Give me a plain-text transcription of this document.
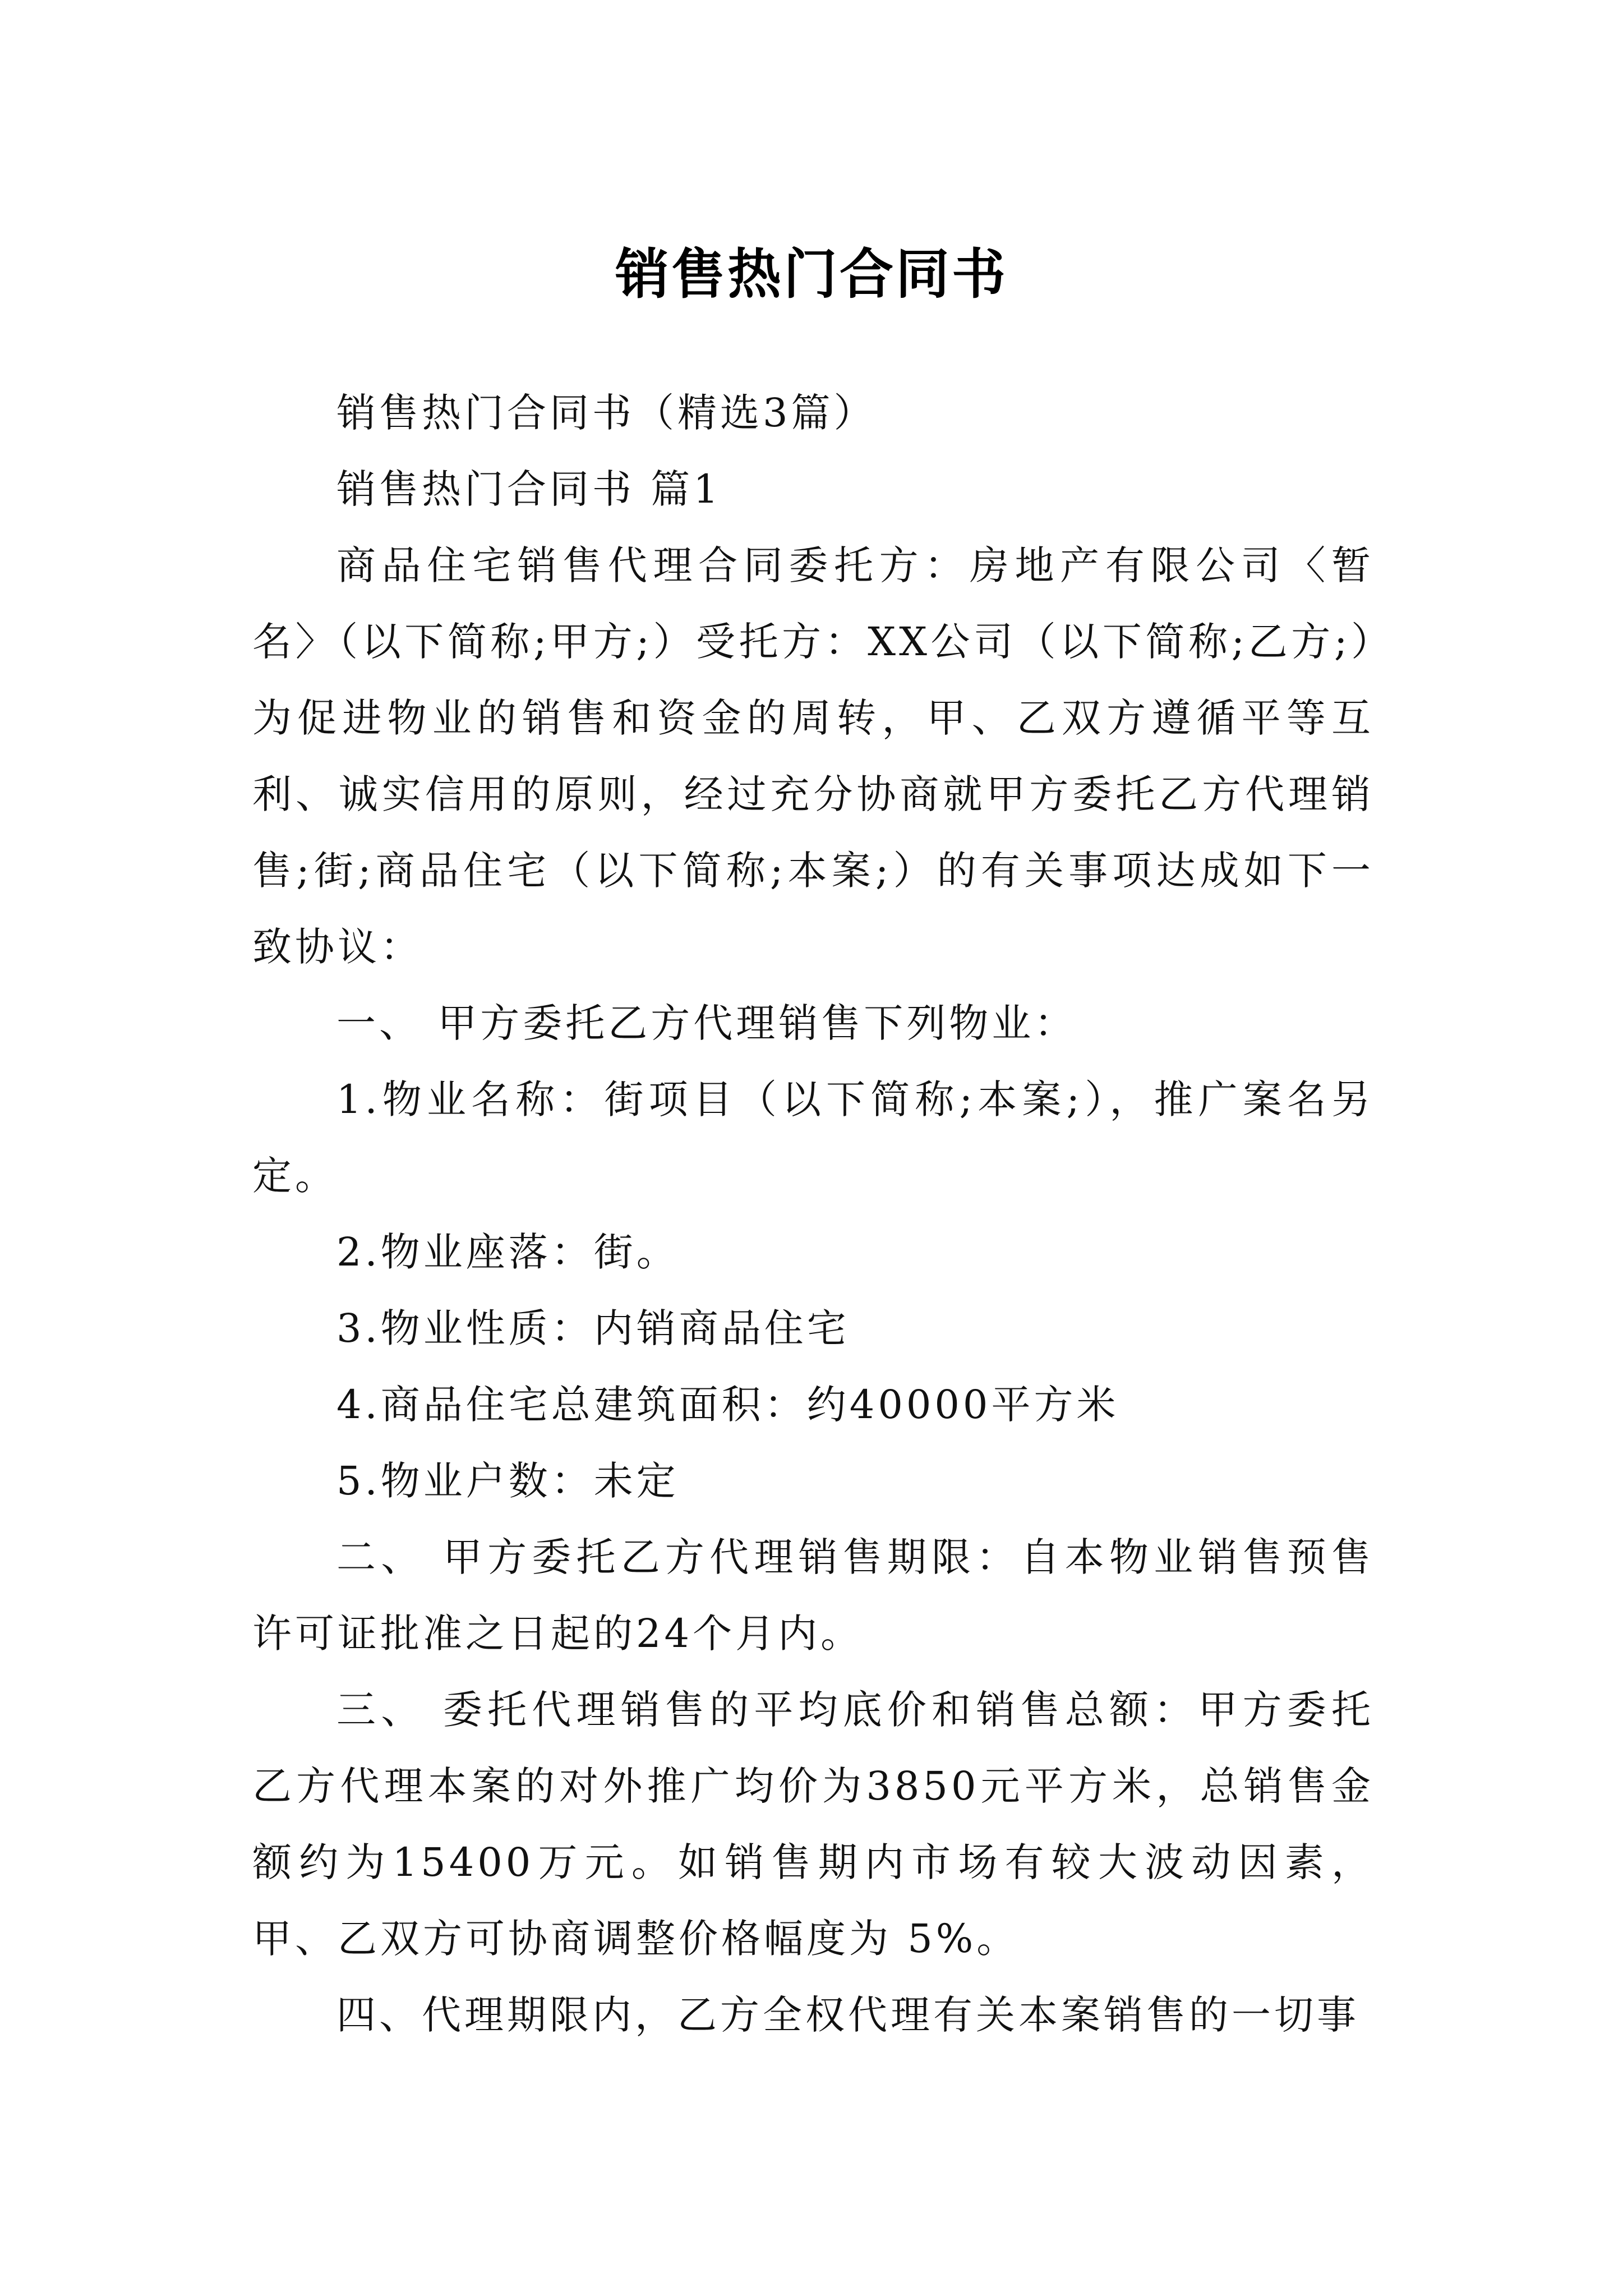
销售热门合同书

销售热门合同书（精选3篇）

销售热门合同书 篇1

商品住宅销售代理合同委托方：房地产有限公司〈暂名〉（以下简称;甲方;）受托方：XX公司（以下简称;乙方;）为促进物业的销售和资金的周转，甲、乙双方遵循平等互利、诚实信用的原则，经过充分协商就甲方委托乙方代理销售;街;商品住宅（以下简称;本案;）的有关事项达成如下一致协议：

一、 甲方委托乙方代理销售下列物业：

1.物业名称：街项目（以下简称;本案;），推广案名另定。

2.物业座落：街。

3.物业性质：内销商品住宅

4.商品住宅总建筑面积：约40000平方米

5.物业户数：未定

二、 甲方委托乙方代理销售期限：自本物业销售预售许可证批准之日起的24个月内。

三、 委托代理销售的平均底价和销售总额：甲方委托乙方代理本案的对外推广均价为3850元平方米，总销售金额约为15400万元。如销售期内市场有较大波动因素，甲、乙双方可协商调整价格幅度为 5%。

四、代理期限内，乙方全权代理有关本案销售的一切事
